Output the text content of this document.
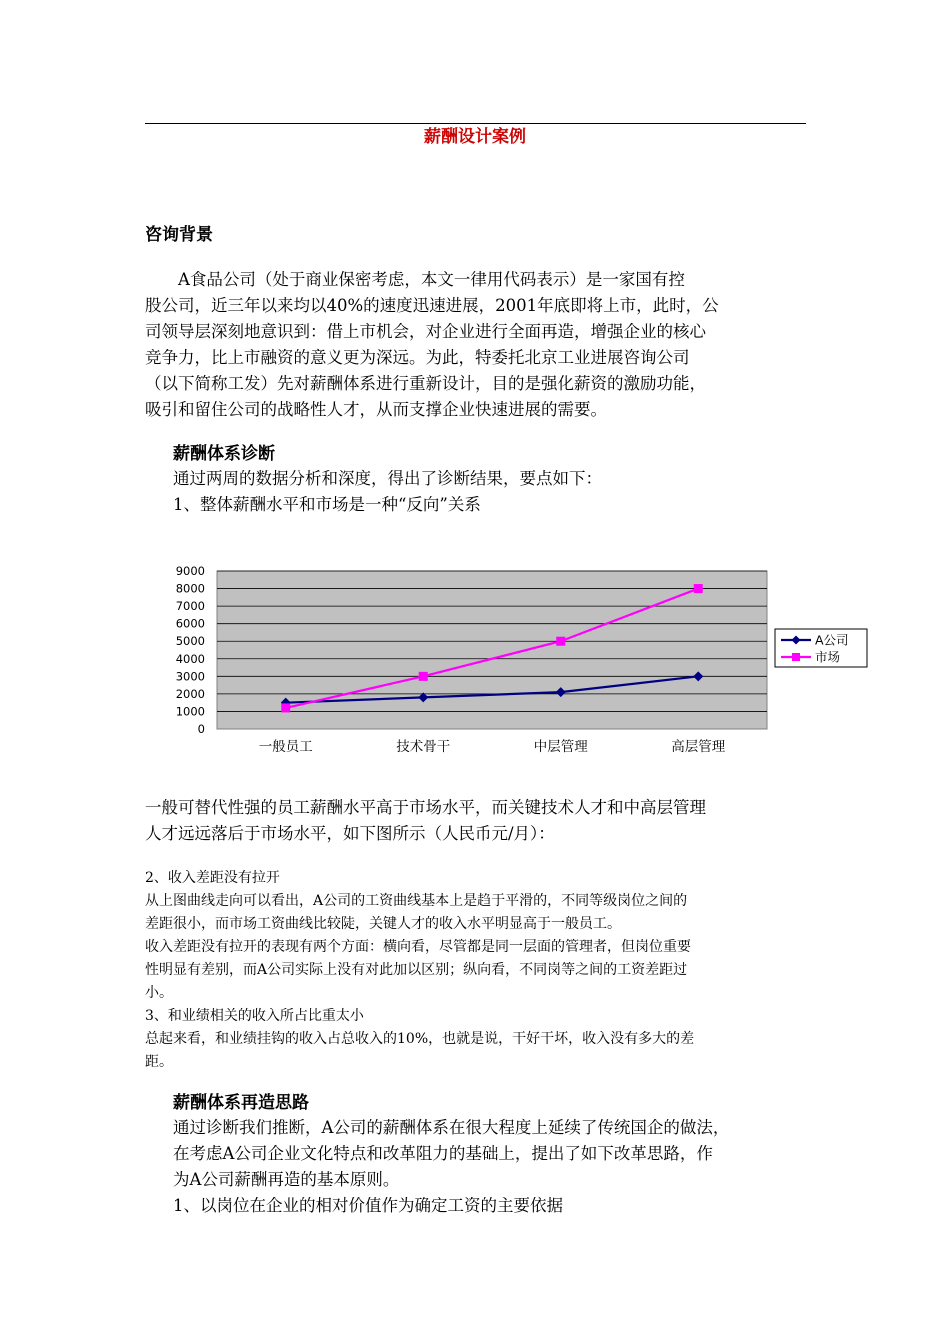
薪酬设计案例
咨询背景
　　A食品公司（处于商业保密考虑，本文一律用代码表示）是一家国有控
股公司，近三年以来均以40%的速度迅速进展，2001年底即将上市，此时，公
司领导层深刻地意识到：借上市机会，对企业进行全面再造，增强企业的核心
竞争力，比上市融资的意义更为深远。为此，特委托北京工业进展咨询公司
（以下简称工发）先对薪酬体系进行重新设计，目的是强化薪资的激励功能，
吸引和留住公司的战略性人才，从而支撑企业快速进展的需要。
薪酬体系诊断
通过两周的数据分析和深度，得出了诊断结果，要点如下：
1、整体薪酬水平和市场是一种“反向”关系
0
1000
2000
3000
4000
5000
6000
7000
8000
9000
一般员工	技术骨干	中层管理	高层管理
A公司
市场
一般可替代性强的员工薪酬水平高于市场水平，而关键技术人才和中高层管理
人才远远落后于市场水平，如下图所示（人民币元/月）：
2、收入差距没有拉开
从上图曲线走向可以看出，A公司的工资曲线基本上是趋于平滑的，不同等级岗位之间的
差距很小，而市场工资曲线比较陡，关键人才的收入水平明显高于一般员工。
收入差距没有拉开的表现有两个方面：横向看，尽管都是同一层面的管理者，但岗位重要
性明显有差别，而A公司实际上没有对此加以区别；纵向看，不同岗等之间的工资差距过
小。
3、和业绩相关的收入所占比重太小
总起来看，和业绩挂钩的收入占总收入的10%，也就是说，干好干坏，收入没有多大的差
距。
薪酬体系再造思路
通过诊断我们推断，A公司的薪酬体系在很大程度上延续了传统国企的做法，
在考虑A公司企业文化特点和改革阻力的基础上，提出了如下改革思路，作
为A公司薪酬再造的基本原则。
1、以岗位在企业的相对价值作为确定工资的主要依据
